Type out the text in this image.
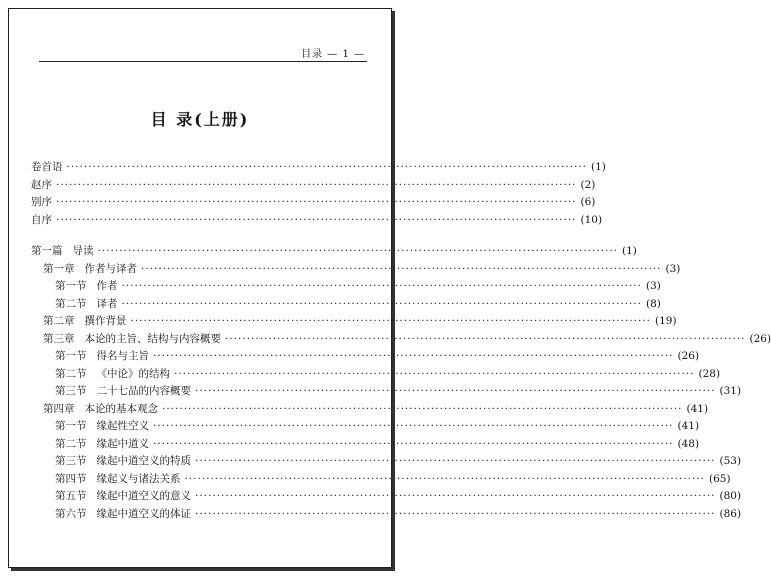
目录 — 1 —
目 录(上册)
卷首语 ························································································································ (1)
赵序 ························································································································ (2)
别序 ························································································································ (6)
自序 ························································································································ (10)
第一篇 导读 ························································································································ (1)
第一章 作者与译者 ························································································································ (3)
第一节 作者 ························································································································ (3)
第二节 译者 ························································································································ (8)
第二章 撰作背景 ························································································································ (19)
第三章 本论的主旨、结构与内容概要 ························································································································ (26)
第一节 得名与主旨 ························································································································ (26)
第二节 《中论》的结构 ························································································································ (28)
第三节 二十七品的内容概要 ························································································································ (31)
第四章 本论的基本观念 ························································································································ (41)
第一节 缘起性空义 ························································································································ (41)
第二节 缘起中道义 ························································································································ (48)
第三节 缘起中道空义的特质 ························································································································ (53)
第四节 缘起义与诸法关系 ························································································································ (65)
第五节 缘起中道空义的意义 ························································································································ (80)
第六节 缘起中道空义的体证 ························································································································ (86)
